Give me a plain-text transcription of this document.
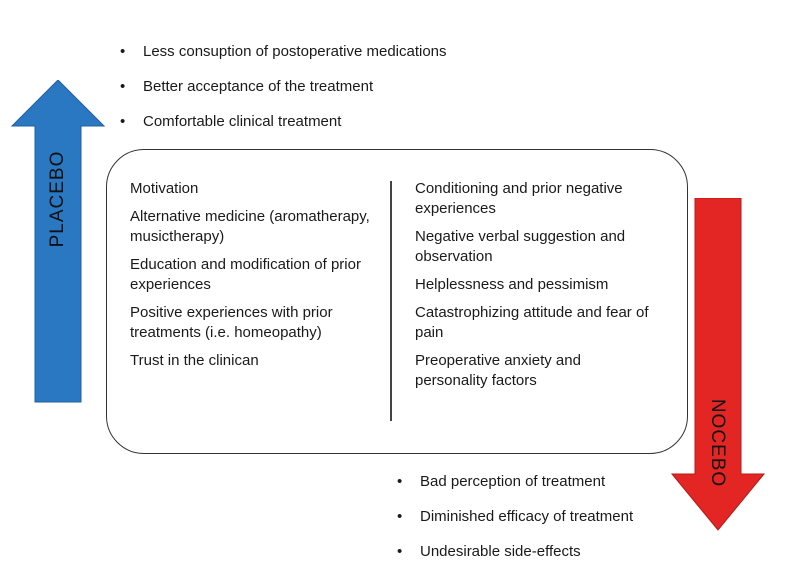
PLACEBO
NOCEBO
• Less consuption of postoperative medications
• Better acceptance of the treatment
• Comfortable clinical treatment
Motivation
Alternative medicine (aromatherapy, musictherapy)
Education and modification of prior experiences
Positive experiences with prior treatments (i.e. homeopathy)
Trust in the clinican
Conditioning and prior negative experiences
Negative verbal suggestion and observation
Helplessness and pessimism
Catastrophizing attitude and fear of pain
Preoperative anxiety and personality factors
• Bad perception of treatment
• Diminished efficacy of treatment
• Undesirable side-effects
